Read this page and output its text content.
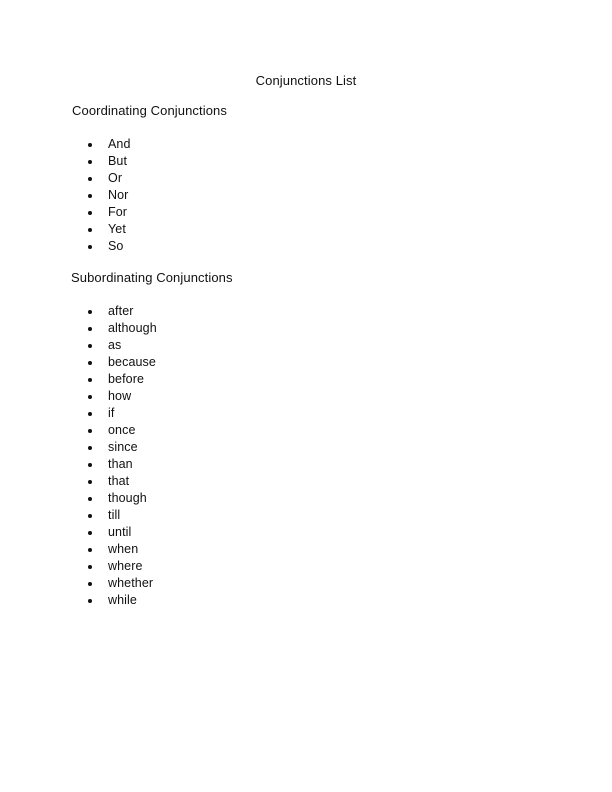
Conjunctions List
Coordinating Conjunctions
And
But
Or
Nor
For
Yet
So
Subordinating Conjunctions
after
although
as
because
before
how
if
once
since
than
that
though
till
until
when
where
whether
while
